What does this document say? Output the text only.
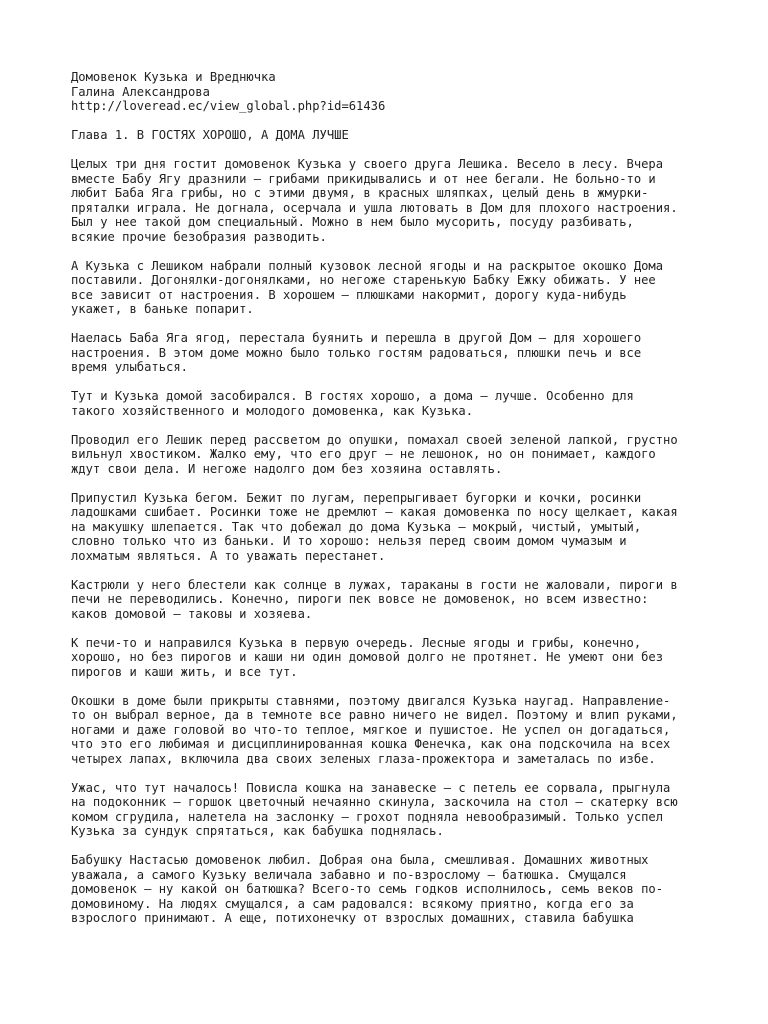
Домовенок Кузька и Вреднючка
Галина Александрова
http://loveread.ec/view_global.php?id=61436
Глава 1. В ГОСТЯХ ХОРОШО, А ДОМА ЛУЧШЕ
Целых три дня гостит домовенок Кузька у своего друга Лешика. Весело в лесу. Вчера
вместе Бабу Ягу дразнили — грибами прикидывались и от нее бегали. Не больно-то и
любит Баба Яга грибы, но с этими двумя, в красных шляпках, целый день в жмурки-
пряталки играла. Не догнала, осерчала и ушла лютовать в Дом для плохого настроения.
Был у нее такой дом специальный. Можно в нем было мусорить, посуду разбивать,
всякие прочие безобразия разводить.
А Кузька с Лешиком набрали полный кузовок лесной ягоды и на раскрытое окошко Дома
поставили. Догонялки-догонялками, но негоже старенькую Бабку Ежку обижать. У нее
все зависит от настроения. В хорошем — плюшками накормит, дорогу куда-нибудь
укажет, в баньке попарит.
Наелась Баба Яга ягод, перестала буянить и перешла в другой Дом — для хорошего
настроения. В этом доме можно было только гостям радоваться, плюшки печь и все
время улыбаться.
Тут и Кузька домой засобирался. В гостях хорошо, а дома — лучше. Особенно для
такого хозяйственного и молодого домовенка, как Кузька.
Проводил его Лешик перед рассветом до опушки, помахал своей зеленой лапкой, грустно
вильнул хвостиком. Жалко ему, что его друг — не лешонок, но он понимает, каждого
ждут свои дела. И негоже надолго дом без хозяина оставлять.
Припустил Кузька бегом. Бежит по лугам, перепрыгивает бугорки и кочки, росинки
ладошками сшибает. Росинки тоже не дремлют — какая домовенка по носу щелкает, какая
на макушку шлепается. Так что добежал до дома Кузька — мокрый, чистый, умытый,
словно только что из баньки. И то хорошо: нельзя перед своим домом чумазым и
лохматым являться. А то уважать перестанет.
Кастрюли у него блестели как солнце в лужах, тараканы в гости не жаловали, пироги в
печи не переводились. Конечно, пироги пек вовсе не домовенок, но всем известно:
каков домовой — таковы и хозяева.
К печи-то и направился Кузька в первую очередь. Лесные ягоды и грибы, конечно,
хорошо, но без пирогов и каши ни один домовой долго не протянет. Не умеют они без
пирогов и каши жить, и все тут.
Окошки в доме были прикрыты ставнями, поэтому двигался Кузька наугад. Направление-
то он выбрал верное, да в темноте все равно ничего не видел. Поэтому и влип руками,
ногами и даже головой во что-то теплое, мягкое и пушистое. Не успел он догадаться,
что это его любимая и дисциплинированная кошка Фенечка, как она подскочила на всех
четырех лапах, включила два своих зеленых глаза-прожектора и заметалась по избе.
Ужас, что тут началось! Повисла кошка на занавеске — с петель ее сорвала, прыгнула
на подоконник — горшок цветочный нечаянно скинула, заскочила на стол — скатерку всю
комом сгрудила, налетела на заслонку — грохот подняла невообразимый. Только успел
Кузька за сундук спрятаться, как бабушка поднялась.
Бабушку Настасью домовенок любил. Добрая она была, смешливая. Домашних животных
уважала, а самого Кузьку величала забавно и по-взрослому — батюшка. Смущался
домовенок — ну какой он батюшка? Всего-то семь годков исполнилось, семь веков по-
домовиному. На людях смущался, а сам радовался: всякому приятно, когда его за
взрослого принимают. А еще, потихонечку от взрослых домашних, ставила бабушка
